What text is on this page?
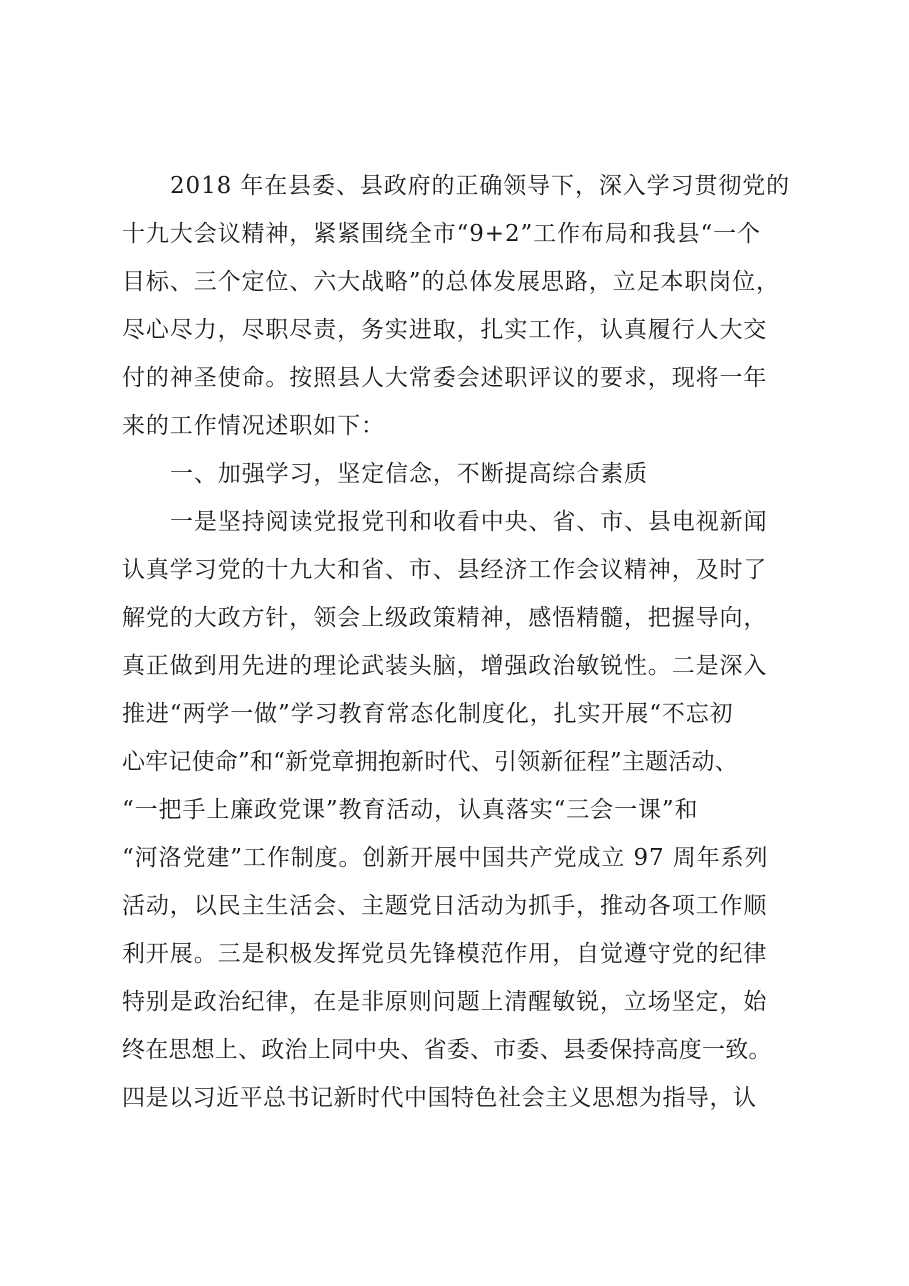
2018 年在县委、县政府的正确领导下，深入学习贯彻党的
十九大会议精神，紧紧围绕全市“9+2”工作布局和我县“一个
目标、三个定位、六大战略”的总体发展思路，立足本职岗位，
尽心尽力，尽职尽责，务实进取，扎实工作，认真履行人大交
付的神圣使命。按照县人大常委会述职评议的要求，现将一年
来的工作情况述职如下：
一、加强学习，坚定信念，不断提高综合素质
一是坚持阅读党报党刊和收看中央、省、市、县电视新闻
认真学习党的十九大和省、市、县经济工作会议精神，及时了
解党的大政方针，领会上级政策精神，感悟精髓，把握导向，
真正做到用先进的理论武装头脑，增强政治敏锐性。二是深入
推进“两学一做”学习教育常态化制度化，扎实开展“不忘初
心牢记使命”和“新党章拥抱新时代、引领新征程”主题活动、
“一把手上廉政党课”教育活动，认真落实“三会一课”和
“河洛党建”工作制度。创新开展中国共产党成立 97 周年系列
活动，以民主生活会、主题党日活动为抓手，推动各项工作顺
利开展。三是积极发挥党员先锋模范作用，自觉遵守党的纪律
特别是政治纪律，在是非原则问题上清醒敏锐，立场坚定，始
终在思想上、政治上同中央、省委、市委、县委保持高度一致。
四是以习近平总书记新时代中国特色社会主义思想为指导，认
